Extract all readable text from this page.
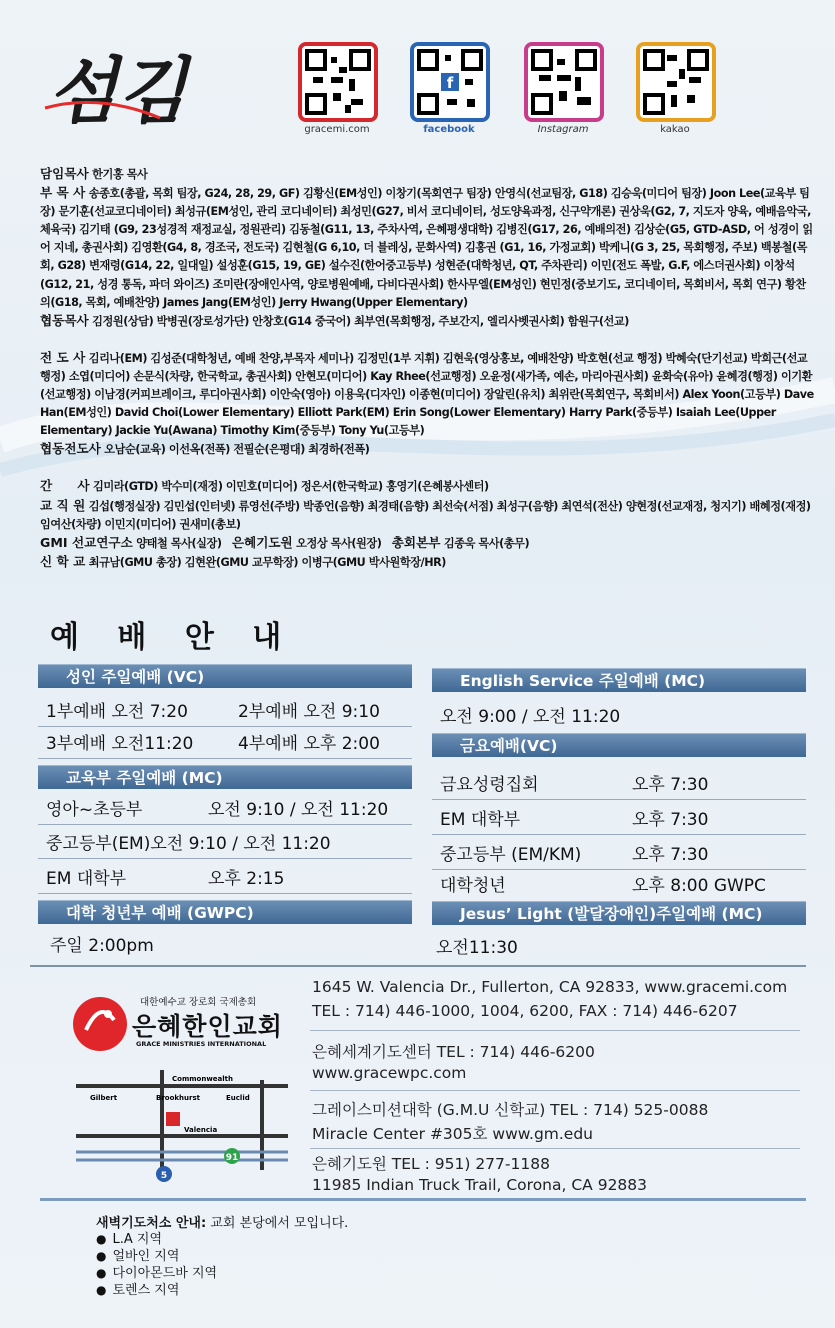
섬김	gracemi.com
f
facebook	Instagram	kakao

담임목사 한기홍 목사

부 목 사 송종호(총괄, 목회 팀장, G24, 28, 29, GF) 김황신(EM성인) 이창기(목회연구 팀장) 안영식(선교팀장, G18) 김승욱(미디어 팀장) Joon Lee(교육부 팀장) 문기훈(선교코디네이터) 최성규(EM성인, 관리 코디네이터) 최성민(G27, 비서 코디네이터, 성도양육과정, 신구약개론) 권상욱(G2, 7, 지도자 양육, 예배음악국, 체육국) 김기태 (G9, 23성경적 재정교실, 정원관리) 김동철(G11, 13, 주차사역, 은혜평생대학) 김병진(G17, 26, 예배의전) 김상순(G5, GTD-ASD, 어 성경이 읽어 지네, 총권사회) 김영환(G4, 8, 경조국, 전도국) 김현철(G 6,10, 더 블레싱, 문화사역) 김홍권 (G1, 16, 가정교회) 박케니(G 3, 25, 목회행정, 주보) 백봉철(목회, G28) 변재령(G14, 22, 일대일) 설성훈(G15, 19, GE) 설수진(한어중고등부) 성현준(대학청년, QT, 주차관리) 이민(전도 폭발, G.F, 에스더권사회) 이창석(G12, 21, 성경 통독, 파더 와이즈) 조미란(장애인사역, 양로병원예배, 다비다권사회) 한사무엘(EM성인) 현민정(중보기도, 코디네이터, 목회비서, 목회 연구) 황찬의(G18, 목회, 예배찬양) James Jang(EM성인) Jerry Hwang(Upper Elementary)

협동목사 김정원(상담) 박병권(장로성가단) 안창호(G14 중국어) 최부연(목회행정, 주보간지, 엘리사벳권사회) 함원구(선교)

전 도 사 김리나(EM) 김성준(대학청년, 예배 찬양,부목자 세미나) 김정민(1부 지휘) 김현욱(영상홍보, 예배찬양) 박호현(선교 행정) 박혜숙(단기선교) 박희근(선교행정) 소엽(미디어) 손문식(차량, 한국학교, 총권사회) 안현모(미디어) Kay Rhee(선교행정) 오윤정(새가족, 예손, 마리아권사회) 윤화숙(유아) 윤혜경(행정) 이기환(선교행정) 이남경(커피브레이크, 루디아권사회) 이안숙(영아) 이용욱(디자인) 이종현(미디어) 장알린(유치) 최위란(목회연구, 목회비서) Alex Yoon(고등부) Dave Han(EM성인) David Choi(Lower Elementary) Elliott Park(EM) Erin Song(Lower Elementary) Harry Park(중등부) Isaiah Lee(Upper Elementary) Jackie Yu(Awana) Timothy Kim(중등부) Tony Yu(고등부)

협동전도사 오남순(교육) 이선옥(전폭) 전필순(은평대) 최경하(전폭)

간　　사 김미라(GTD) 박수미(재정) 이민호(미디어) 정은서(한국학교) 홍영기(은혜봉사센터)

교 직 원 김섭(행정실장) 김민섭(인터넷) 류영선(주방) 박종언(음향) 최경태(음향) 최선숙(서점) 최성구(음향) 최연석(전산) 양현정(선교재정, 청지기) 배혜정(재정) 임여산(차량) 이민지(미디어) 권새미(총보)

GMI 선교연구소 양태철 목사(실장) 은혜기도원 오정상 목사(원장) 총회본부 김종욱 목사(총무)

신 학 교 최규남(GMU 총장) 김현완(GMU 교무학장) 이병구(GMU 박사원학장/HR)

예 배 안 내
성인 주일예배 (VC)
1부예배 오전 7:20	2부예배 오전 9:10
3부예배 오전11:20	4부예배 오후 2:00
교육부 주일예배 (MC)
영아~초등부	오전 9:10 / 오전 11:20
중고등부(EM)오전 9:10 / 오전 11:20
EM 대학부	오후 2:15
대학 청년부 예배 (GWPC)
주일 2:00pm
English Service 주일예배 (MC)
오전 9:00 / 오전 11:20
금요예배(VC)
금요성령집회	오후 7:30
EM 대학부	오후 7:30
중고등부 (EM/KM)	오후 7:30
대학청년	오후 8:00 GWPC
Jesus’ Light (발달장애인)주일예배 (MC)
오전11:30
대한예수교 장로회 국제총회
은혜한인교회
GRACE MINISTRIES INTERNATIONAL
5
91
Commonwealth
Gilbert	Brookhurst	Euclid
Valencia
1645 W. Valencia Dr., Fullerton, CA 92833, www.gracemi.com
TEL : 714) 446-1000, 1004, 6200, FAX : 714) 446-6207
은혜세계기도센터 TEL : 714) 446-6200
www.gracewpc.com
그레이스미션대학 (G.M.U 신학교) TEL : 714) 525-0088
Miracle Center #305호 www.gm.edu
은혜기도원 TEL : 951) 277-1188
11985 Indian Truck Trail, Corona, CA 92883
새벽기도처소 안내: 교회 본당에서 모입니다.
● L.A 지역
● 얼바인 지역
● 다이아몬드바 지역
● 토렌스 지역
